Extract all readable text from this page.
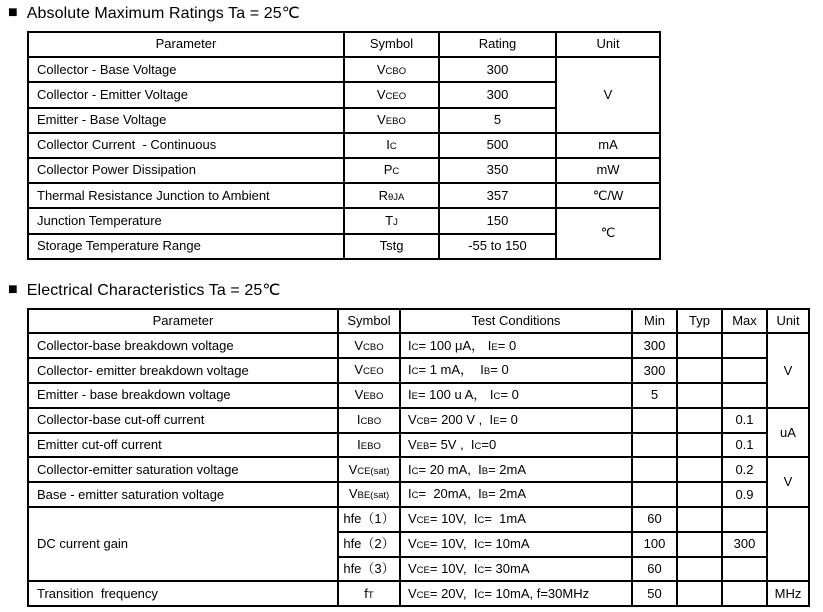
■ Absolute Maximum Ratings Ta = 25℃
Parameter	Symbol	Rating	Unit
Collector - Base Voltage	VCBO	300	V
Collector - Emitter Voltage	VCEO	300	
Emitter - Base Voltage	VEBO	5	
Collector Current  - Continuous	IC	500	mA
Collector Power Dissipation	PC	350	mW
Thermal Resistance Junction to Ambient	RθJA	357	℃/W
Junction Temperature	TJ	150	℃
Storage Temperature Range	Tstg	-55 to 150	
■ Electrical Characteristics Ta = 25℃
Parameter	Symbol	Test Conditions	Min	Typ	Max	Unit
Collector-base breakdown voltage	VCBO	IC= 100 μA， IE= 0	300			V
Collector- emitter breakdown voltage	VCEO	IC= 1 mA，  IB= 0	300			
Emitter - base breakdown voltage	VEBO	IE= 100 u A， IC= 0	5			
Collector-base cut-off current	ICBO	VCB= 200 V ,  IE= 0			0.1	uA
Emitter cut-off current	IEBO	VEB= 5V ,  IC=0			0.1	
Collector-emitter saturation voltage	VCE(sat)	IC= 20 mA,  IB= 2mA			0.2	V
Base - emitter saturation voltage	VBE(sat)	IC=  20mA,  IB= 2mA			0.9	
DC current gain	hfe（1）	VCE= 10V,  IC=  1mA	60			
	hfe（2）	VCE= 10V,  IC= 10mA	100		300	
	hfe（3）	VCE= 10V,  IC= 30mA	60			
Transition  frequency	fT	VCE= 20V,  IC= 10mA, f=30MHz	50			MHz
